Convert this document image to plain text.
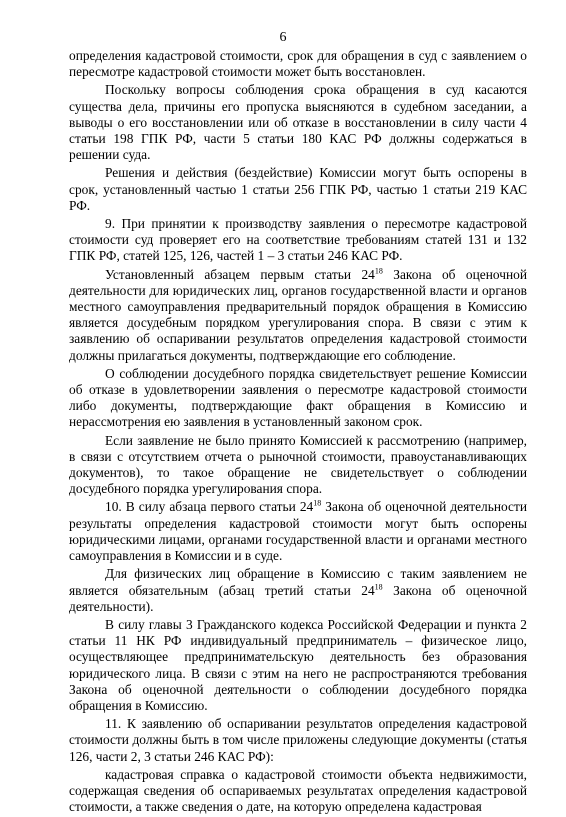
6

определения кадастровой стоимости, срок для обращения в суд с заявлением о пересмотре кадастровой стоимости может быть восстановлен.

Поскольку вопросы соблюдения срока обращения в суд касаются существа дела, причины его пропуска выясняются в судебном заседании, а выводы о его восстановлении или об отказе в восстановлении в силу части 4 статьи 198 ГПК РФ, части 5 статьи 180 КАС РФ должны содержаться в решении суда.

Решения и действия (бездействие) Комиссии могут быть оспорены в срок, установленный частью 1 статьи 256 ГПК РФ, частью 1 статьи 219 КАС РФ.

9. При принятии к производству заявления о пересмотре кадастровой стоимости суд проверяет его на соответствие требованиям статей 131 и 132 ГПК РФ, статей 125, 126, частей 1 – 3 статьи 246 КАС РФ.

Установленный абзацем первым статьи $24^{18}$ Закона об оценочной деятельности для юридических лиц, органов государственной власти и органов местного самоуправления предварительный порядок обращения в Комиссию является досудебным порядком урегулирования спора. В связи с этим к заявлению об оспаривании результатов определения кадастровой стоимости должны прилагаться документы, подтверждающие его соблюдение.

О соблюдении досудебного порядка свидетельствует решение Комиссии об отказе в удовлетворении заявления о пересмотре кадастровой стоимости либо документы, подтверждающие факт обращения в Комиссию и нерассмотрения ею заявления в установленный законом срок.

Если заявление не было принято Комиссией к рассмотрению (например, в связи с отсутствием отчета о рыночной стоимости, правоустанавливающих документов), то такое обращение не свидетельствует о соблюдении досудебного порядка урегулирования спора.

10. В силу абзаца первого статьи $24^{18}$ Закона об оценочной деятельности результаты определения кадастровой стоимости могут быть оспорены юридическими лицами, органами государственной власти и органами местного самоуправления в Комиссии и в суде.

Для физических лиц обращение в Комиссию с таким заявлением не является обязательным (абзац третий статьи $24^{18}$ Закона об оценочной деятельности).

В силу главы 3 Гражданского кодекса Российской Федерации и пункта 2 статьи 11 НК РФ индивидуальный предприниматель – физическое лицо, осуществляющее предпринимательскую деятельность без образования юридического лица. В связи с этим на него не распространяются требования Закона об оценочной деятельности о соблюдении досудебного порядка обращения в Комиссию.

11. К заявлению об оспаривании результатов определения кадастровой стоимости должны быть в том числе приложены следующие документы (статья 126, части 2, 3 статьи 246 КАС РФ):

кадастровая справка о кадастровой стоимости объекта недвижимости, содержащая сведения об оспариваемых результатах определения кадастровой стоимости, а также сведения о дате, на которую определена кадастровая
